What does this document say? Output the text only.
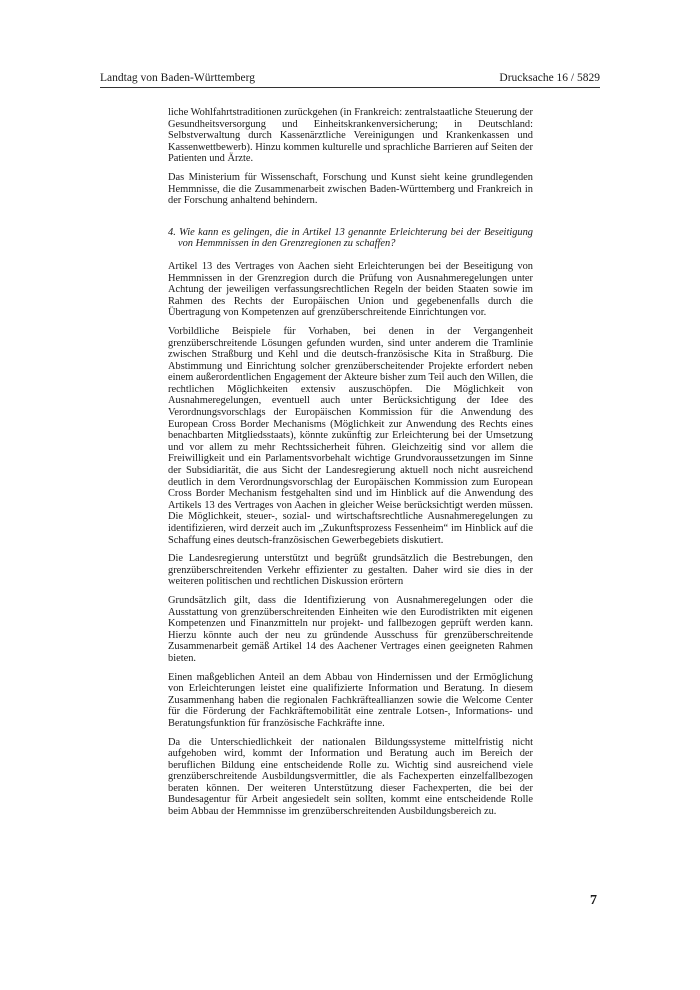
Landtag von Baden-Württemberg	Drucksache 16 / 5829

liche Wohlfahrtstraditionen zurückgehen (in Frankreich: zentralstaatliche Steuerung der Gesundheitsversorgung und Einheitskrankenversicherung; in Deutschland: Selbstverwaltung durch Kassenärztliche Vereinigungen und Krankenkassen und Kassenwettbewerb). Hinzu kommen kulturelle und sprachliche Barrieren auf Seiten der Patienten und Ärzte.

Das Ministerium für Wissenschaft, Forschung und Kunst sieht keine grundlegenden Hemmnisse, die die Zusammenarbeit zwischen Baden-Württemberg und Frankreich in der Forschung anhaltend behindern.

4. Wie kann es gelingen, die in Artikel 13 genannte Erleichterung bei der Beseitigung von Hemmnissen in den Grenzregionen zu schaffen?

Artikel 13 des Vertrages von Aachen sieht Erleichterungen bei der Beseitigung von Hemmnissen in der Grenzregion durch die Prüfung von Ausnahmeregelungen unter Achtung der jeweiligen verfassungsrechtlichen Regeln der beiden Staaten sowie im Rahmen des Rechts der Europäischen Union und gegebenenfalls durch die Übertragung von Kompetenzen auf grenzüberschreitende Einrichtungen vor.

Vorbildliche Beispiele für Vorhaben, bei denen in der Vergangenheit grenzüberschreitende Lösungen gefunden wurden, sind unter anderem die Tramlinie zwischen Straßburg und Kehl und die deutsch-französische Kita in Straßburg. Die Abstimmung und Einrichtung solcher grenzüberscheitender Projekte erfordert neben einem außerordentlichen Engagement der Akteure bisher zum Teil auch den Willen, die rechtlichen Möglichkeiten extensiv auszuschöpfen. Die Möglichkeit von Ausnahmeregelungen, eventuell auch unter Berücksichtigung der Idee des Verordnungsvorschlags der Europäischen Kommission für die Anwendung des European Cross Border Mechanisms (Möglichkeit zur Anwendung des Rechts eines benachbarten Mitgliedsstaats), könnte zukünftig zur Erleichterung bei der Umsetzung und vor allem zu mehr Rechtssicherheit führen. Gleichzeitig sind vor allem die Freiwilligkeit und ein Parlamentsvorbehalt wichtige Grundvoraussetzungen im Sinne der Subsidiarität, die aus Sicht der Landesregierung aktuell noch nicht ausreichend deutlich in dem Verordnungsvorschlag der Europäischen Kommission zum European Cross Border Mechanism festgehalten sind und im Hinblick auf die Anwendung des Artikels 13 des Vertrages von Aachen in gleicher Weise berücksichtigt werden müssen. Die Möglichkeit, steuer-, sozial- und wirtschaftsrechtliche Ausnahmeregelungen zu identifizieren, wird derzeit auch im „Zukunftsprozess Fessenheim“ im Hinblick auf die Schaffung eines deutsch-französischen Gewerbegebiets diskutiert.

Die Landesregierung unterstützt und begrüßt grundsätzlich die Bestrebungen, den grenzüberschreitenden Verkehr effizienter zu gestalten. Daher wird sie dies in der weiteren politischen und rechtlichen Diskussion erörtern

Grundsätzlich gilt, dass die Identifizierung von Ausnahmeregelungen oder die Ausstattung von grenzüberschreitenden Einheiten wie den Eurodistrikten mit eigenen Kompetenzen und Finanzmitteln nur projekt- und fallbezogen geprüft werden kann. Hierzu könnte auch der neu zu gründende Ausschuss für grenzüberschreitende Zusammenarbeit gemäß Artikel 14 des Aachener Vertrages einen geeigneten Rahmen bieten.

Einen maßgeblichen Anteil an dem Abbau von Hindernissen und der Ermöglichung von Erleichterungen leistet eine qualifizierte Information und Beratung. In diesem Zusammenhang haben die regionalen Fachkräfteallianzen sowie die Welcome Center für die Förderung der Fachkräftemobilität eine zentrale Lotsen-, Informations- und Beratungsfunktion für französische Fachkräfte inne.

Da die Unterschiedlichkeit der nationalen Bildungssysteme mittelfristig nicht aufgehoben wird, kommt der Information und Beratung auch im Bereich der beruflichen Bildung eine entscheidende Rolle zu. Wichtig sind ausreichend viele grenzüberschreitende Ausbildungsvermittler, die als Fachexperten einzelfallbezogen beraten können. Der weiteren Unterstützung dieser Fachexperten, die bei der Bundesagentur für Arbeit angesiedelt sein sollten, kommt eine entscheidende Rolle beim Abbau der Hemmnisse im grenzüberschreitenden Ausbildungsbereich zu.

7
